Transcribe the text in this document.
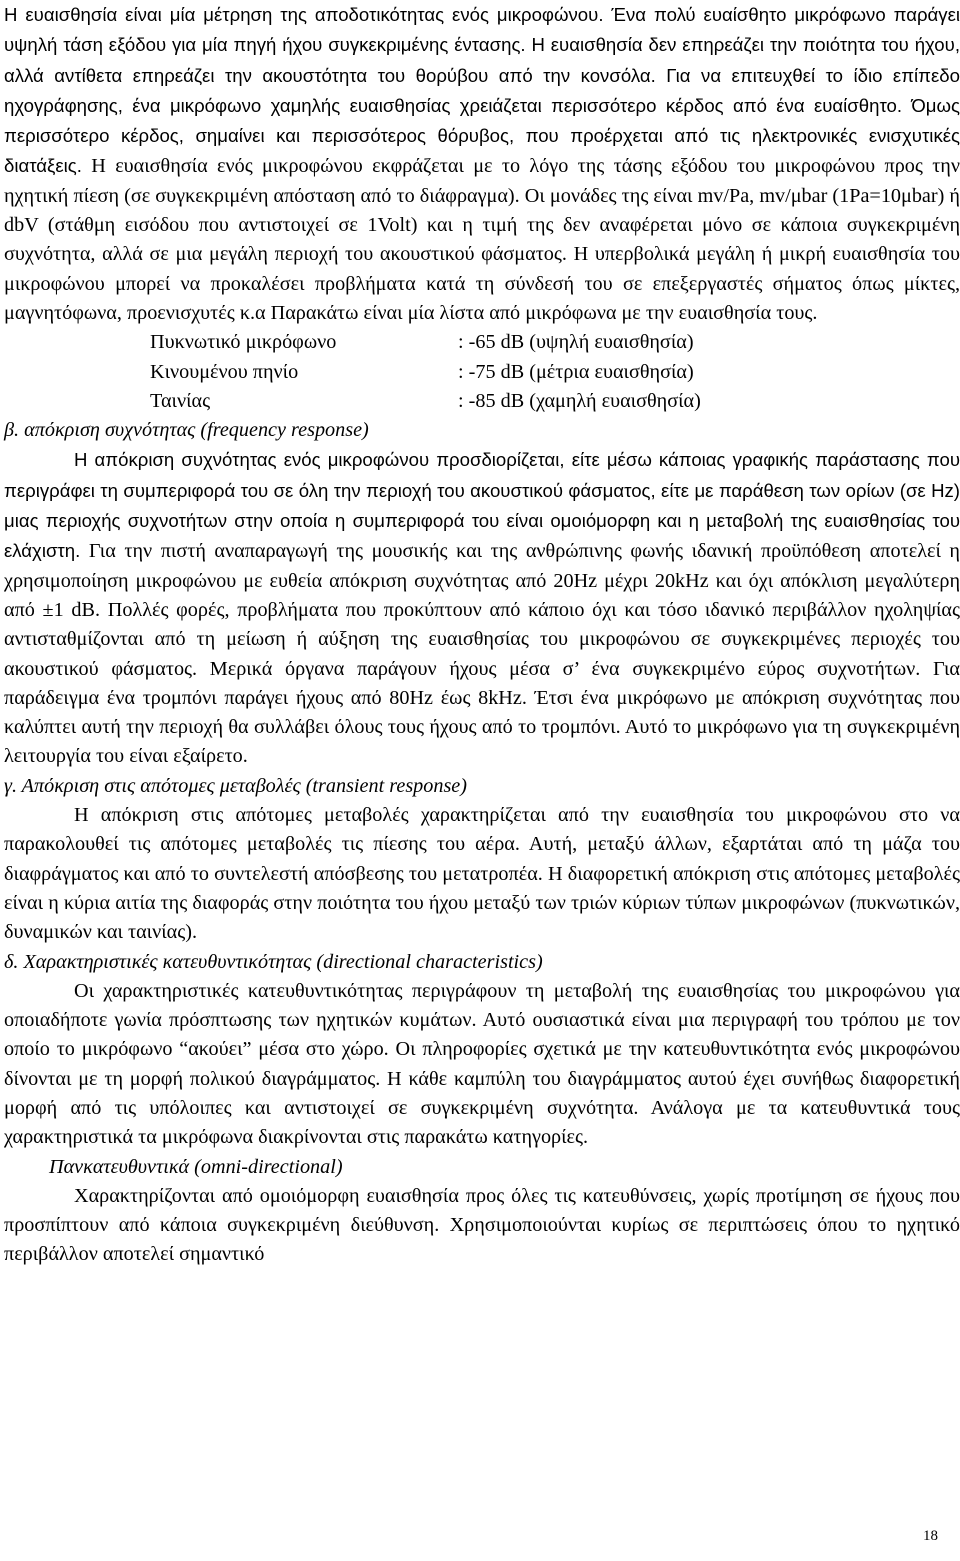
Η ευαισθησία είναι μία μέτρηση της αποδοτικότητας ενός μικροφώνου. Ένα πολύ ευαίσθητο μικρόφωνο παράγει υψηλή τάση εξόδου για μία πηγή ήχου συγκεκριμένης έντασης. Η ευαισθησία δεν επηρεάζει την ποιότητα του ήχου, αλλά αντίθετα επηρεάζει την ακουστότητα του θορύβου από την κονσόλα. Για να επιτευχθεί το ίδιο επίπεδο ηχογράφησης, ένα μικρόφωνο χαμηλής ευαισθησίας χρειάζεται περισσότερο κέρδος από ένα ευαίσθητο. Όμως περισσότερο κέρδος, σημαίνει και περισσότερος θόρυβος, που προέρχεται από τις ηλεκτρονικές ενισχυτικές διατάξεις. Η ευαισθησία ενός μικροφώνου εκφράζεται με το λόγο της τάσης εξόδου του μικροφώνου προς την ηχητική πίεση (σε συγκεκριμένη απόσταση από το διάφραγμα). Οι μονάδες της είναι mv/Pa, mv/μbar (1Pa=10μbar) ή dbV (στάθμη εισόδου που αντιστοιχεί σε 1Volt) και η τιμή της δεν αναφέρεται μόνο σε κάποια συγκεκριμένη συχνότητα, αλλά σε μια μεγάλη περιοχή του ακουστικού φάσματος. Η υπερβολικά μεγάλη ή μικρή ευαισθησία του μικροφώνου μπορεί να προκαλέσει προβλήματα κατά τη σύνδεσή του σε επεξεργαστές σήματος όπως μίκτες, μαγνητόφωνα, προενισχυτές κ.α Παρακάτω είναι μία λίστα από μικρόφωνα με την ευαισθησία τους.

Πυκνωτικό μικρόφωνο	: -65 dB (υψηλή ευαισθησία)
Κινουμένου πηνίο	: -75 dB (μέτρια ευαισθησία)
Ταινίας	: -85 dB (χαμηλή ευαισθησία)

β. απόκριση συχνότητας (frequency response)

Η απόκριση συχνότητας ενός μικροφώνου προσδιορίζεται, είτε μέσω κάποιας γραφικής παράστασης που περιγράφει τη συμπεριφορά του σε όλη την περιοχή του ακουστικού φάσματος, είτε με παράθεση των ορίων (σε Hz) μιας περιοχής συχνοτήτων στην οποία η συμπεριφορά του είναι ομοιόμορφη και η μεταβολή της ευαισθησίας του ελάχιστη. Για την πιστή αναπαραγωγή της μουσικής και της ανθρώπινης φωνής ιδανική προϋπόθεση αποτελεί η χρησιμοποίηση μικροφώνου με ευθεία απόκριση συχνότητας από 20Hz μέχρι 20kHz και όχι απόκλιση μεγαλύτερη από ±1 dB. Πολλές φορές, προβλήματα που προκύπτουν από κάποιο όχι και τόσο ιδανικό περιβάλλον ηχοληψίας αντισταθμίζονται από τη μείωση ή αύξηση της ευαισθησίας του μικροφώνου σε συγκεκριμένες περιοχές του ακουστικού φάσματος. Μερικά όργανα παράγουν ήχους μέσα σ’ ένα συγκεκριμένο εύρος συχνοτήτων. Για παράδειγμα ένα τρομπόνι παράγει ήχους από 80Hz έως 8kHz. Έτσι ένα μικρόφωνο με απόκριση συχνότητας που καλύπτει αυτή την περιοχή θα συλλάβει όλους τους ήχους από το τρομπόνι. Αυτό το μικρόφωνο για τη συγκεκριμένη λειτουργία του είναι εξαίρετο.

γ. Απόκριση στις απότομες μεταβολές (transient response)

Η απόκριση στις απότομες μεταβολές χαρακτηρίζεται από την ευαισθησία του μικροφώνου στο να παρακολουθεί τις απότομες μεταβολές τις πίεσης του αέρα. Αυτή, μεταξύ άλλων, εξαρτάται από τη μάζα του διαφράγματος και από το συντελεστή απόσβεσης του μετατροπέα. Η διαφορετική απόκριση στις απότομες μεταβολές είναι η κύρια αιτία της διαφοράς στην ποιότητα του ήχου μεταξύ των τριών κύριων τύπων μικροφώνων (πυκνωτικών, δυναμικών και ταινίας).

δ. Χαρακτηριστικές κατευθυντικότητας (directional characteristics)

Οι χαρακτηριστικές κατευθυντικότητας περιγράφουν τη μεταβολή της ευαισθησίας του μικροφώνου για οποιαδήποτε γωνία πρόσπτωσης των ηχητικών κυμάτων. Αυτό ουσιαστικά είναι μια περιγραφή του τρόπου με τον οποίο το μικρόφωνο “ακούει” μέσα στο χώρο. Οι πληροφορίες σχετικά με την κατευθυντικότητα ενός μικροφώνου δίνονται με τη μορφή πολικού διαγράμματος. Η κάθε καμπύλη του διαγράμματος αυτού έχει συνήθως διαφορετική μορφή από τις υπόλοιπες και αντιστοιχεί σε συγκεκριμένη συχνότητα. Ανάλογα με τα κατευθυντικά τους χαρακτηριστικά τα μικρόφωνα διακρίνονται στις παρακάτω κατηγορίες.

Πανκατευθυντικά (omni-directional)

Χαρακτηρίζονται από ομοιόμορφη ευαισθησία προς όλες τις κατευθύνσεις, χωρίς προτίμηση σε ήχους που προσπίπτουν από κάποια συγκεκριμένη διεύθυνση. Χρησιμοποιούνται κυρίως σε περιπτώσεις όπου το ηχητικό περιβάλλον αποτελεί σημαντικό

18
